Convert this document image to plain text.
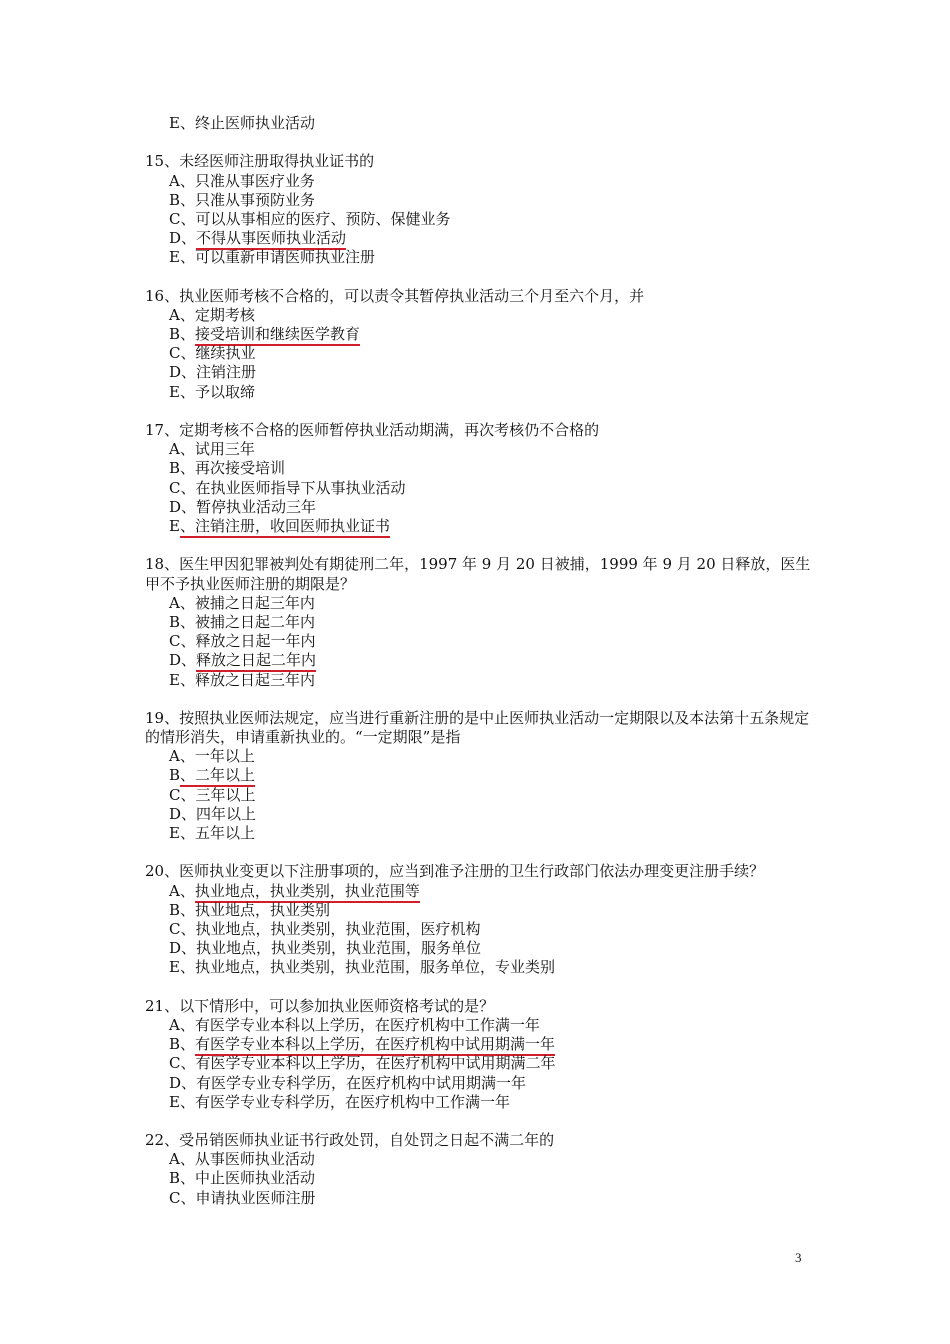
E、终止医师执业活动
15、未经医师注册取得执业证书的
A、只准从事医疗业务
B、只准从事预防业务
C、可以从事相应的医疗、预防、保健业务
D、不得从事医师执业活动
E、可以重新申请医师执业注册
16、执业医师考核不合格的，可以责令其暂停执业活动三个月至六个月，并
A、定期考核
B、接受培训和继续医学教育
C、继续执业
D、注销注册
E、予以取缔
17、定期考核不合格的医师暂停执业活动期满，再次考核仍不合格的
A、试用三年
B、再次接受培训
C、在执业医师指导下从事执业活动
D、暂停执业活动三年
E、注销注册，收回医师执业证书
18、医生甲因犯罪被判处有期徒刑二年，1997 年 9 月 20 日被捕，1999 年 9 月 20 日释放，医生甲不予执业医师注册的期限是？
A、被捕之日起三年内
B、被捕之日起二年内
C、释放之日起一年内
D、释放之日起二年内
E、释放之日起三年内
19、按照执业医师法规定，应当进行重新注册的是中止医师执业活动一定期限以及本法第十五条规定的情形消失，申请重新执业的。“一定期限”是指
A、一年以上
B、二年以上
C、三年以上
D、四年以上
E、五年以上
20、医师执业变更以下注册事项的，应当到准予注册的卫生行政部门依法办理变更注册手续？
A、执业地点，执业类别，执业范围等
B、执业地点，执业类别
C、执业地点，执业类别，执业范围，医疗机构
D、执业地点，执业类别，执业范围，服务单位
E、执业地点，执业类别，执业范围，服务单位，专业类别
21、以下情形中，可以参加执业医师资格考试的是？
A、有医学专业本科以上学历，在医疗机构中工作满一年
B、有医学专业本科以上学历，在医疗机构中试用期满一年
C、有医学专业本科以上学历，在医疗机构中试用期满二年
D、有医学专业专科学历，在医疗机构中试用期满一年
E、有医学专业专科学历，在医疗机构中工作满一年
22、受吊销医师执业证书行政处罚，自处罚之日起不满二年的
A、从事医师执业活动
B、中止医师执业活动
C、申请执业医师注册
3
